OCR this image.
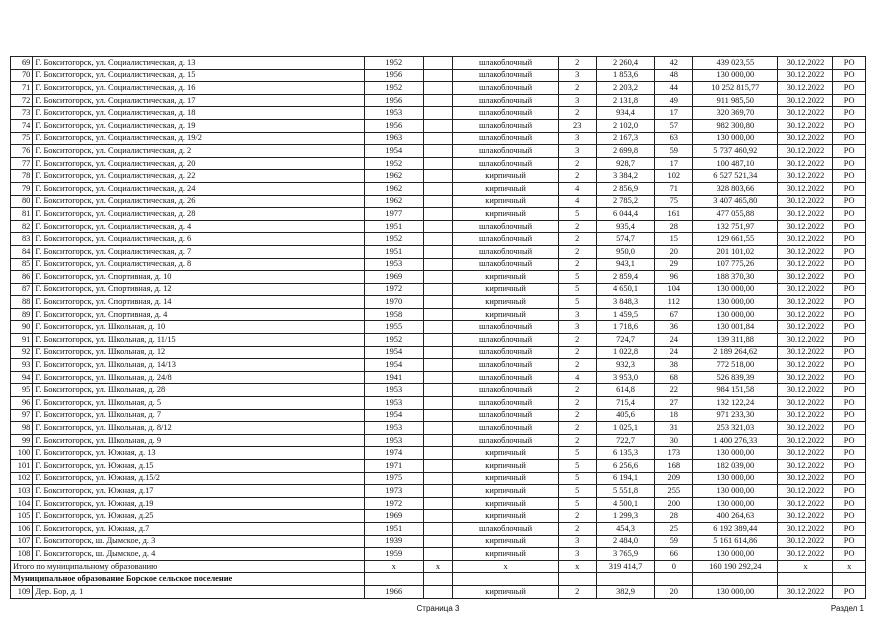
69	Г. Бокситогорск, ул. Социалистическая, д. 13	1952		шлакоблочный	2	2 260,4	42	439 023,55	30.12.2022	РО
70	Г. Бокситогорск, ул. Социалистическая, д. 15	1956		шлакоблочный	3	1 853,6	48	130 000,00	30.12.2022	РО
71	Г. Бокситогорск, ул. Социалистическая, д. 16	1952		шлакоблочный	2	2 203,2	44	10 252 815,77	30.12.2022	РО
72	Г. Бокситогорск, ул. Социалистическая, д. 17	1956		шлакоблочный	3	2 131,8	49	911 985,50	30.12.2022	РО
73	Г. Бокситогорск, ул. Социалистическая, д. 18	1953		шлакоблочный	2	934,4	17	320 369,70	30.12.2022	РО
74	Г. Бокситогорск, ул. Социалистическая, д. 19	1956		шлакоблочный	23	2 102,0	57	982 300,80	30.12.2022	РО
75	Г. Бокситогорск, ул. Социалистическая, д. 19/2	1963		шлакоблочный	3	2 167,3	63	130 000,00	30.12.2022	РО
76	Г. Бокситогорск, ул. Социалистическая, д. 2	1954		шлакоблочный	3	2 699,8	59	5 737 460,92	30.12.2022	РО
77	Г. Бокситогорск, ул. Социалистическая, д. 20	1952		шлакоблочный	2	928,7	17	100 487,10	30.12.2022	РО
78	Г. Бокситогорск, ул. Социалистическая, д. 22	1962		кирпичный	2	3 384,2	102	6 527 521,34	30.12.2022	РО
79	Г. Бокситогорск, ул. Социалистическая, д. 24	1962		кирпичный	4	2 856,9	71	328 803,66	30.12.2022	РО
80	Г. Бокситогорск, ул. Социалистическая, д. 26	1962		кирпичный	4	2 785,2	75	3 407 465,80	30.12.2022	РО
81	Г. Бокситогорск, ул. Социалистическая, д. 28	1977		кирпичный	5	6 044,4	161	477 055,88	30.12.2022	РО
82	Г. Бокситогорск, ул. Социалистическая, д. 4	1951		шлакоблочный	2	935,4	28	132 751,97	30.12.2022	РО
83	Г. Бокситогорск, ул. Социалистическая, д. 6	1952		шлакоблочный	2	574,7	15	129 661,55	30.12.2022	РО
84	Г. Бокситогорск, ул. Социалистическая, д. 7	1951		шлакоблочный	2	950,0	20	201 101,02	30.12.2022	РО
85	Г. Бокситогорск, ул. Социалистическая, д. 8	1953		шлакоблочный	2	943,1	29	107 775,26	30.12.2022	РО
86	Г. Бокситогорск, ул. Спортивная, д. 10	1969		кирпичный	5	2 859,4	96	188 370,30	30.12.2022	РО
87	Г. Бокситогорск, ул. Спортивная, д. 12	1972		кирпичный	5	4 650,1	104	130 000,00	30.12.2022	РО
88	Г. Бокситогорск, ул. Спортивная, д. 14	1970		кирпичный	5	3 848,3	112	130 000,00	30.12.2022	РО
89	Г. Бокситогорск, ул. Спортивная, д. 4	1958		кирпичный	3	1 459,5	67	130 000,00	30.12.2022	РО
90	Г. Бокситогорск, ул. Школьная, д. 10	1955		шлакоблочный	3	1 718,6	36	130 001,84	30.12.2022	РО
91	Г. Бокситогорск, ул. Школьная, д. 11/15	1952		шлакоблочный	2	724,7	24	139 311,88	30.12.2022	РО
92	Г. Бокситогорск, ул. Школьная, д. 12	1954		шлакоблочный	2	1 022,8	24	2 189 264,62	30.12.2022	РО
93	Г. Бокситогорск, ул. Школьная, д. 14/13	1954		шлакоблочный	2	932,3	38	772 518,00	30.12.2022	РО
94	Г. Бокситогорск, ул. Школьная, д. 24/8	1941		шлакоблочный	4	3 953,0	68	526 839,39	30.12.2022	РО
95	Г. Бокситогорск, ул. Школьная, д. 28	1953		шлакоблочный	2	614,8	22	984 151,58	30.12.2022	РО
96	Г. Бокситогорск, ул. Школьная, д. 5	1953		шлакоблочный	2	715,4	27	132 122,24	30.12.2022	РО
97	Г. Бокситогорск, ул. Школьная, д. 7	1954		шлакоблочный	2	405,6	18	971 233,30	30.12.2022	РО
98	Г. Бокситогорск, ул. Школьная, д. 8/12	1953		шлакоблочный	2	1 025,1	31	253 321,03	30.12.2022	РО
99	Г. Бокситогорск, ул. Школьная, д. 9	1953		шлакоблочный	2	722,7	30	1 400 276,33	30.12.2022	РО
100	Г. Бокситогорск, ул. Южная, д. 13	1974		кирпичный	5	6 135,3	173	130 000,00	30.12.2022	РО
101	Г. Бокситогорск, ул. Южная, д.15	1971		кирпичный	5	6 256,6	168	182 039,00	30.12.2022	РО
102	Г. Бокситогорск, ул. Южная, д.15/2	1975		кирпичный	5	6 194,1	209	130 000,00	30.12.2022	РО
103	Г. Бокситогорск, ул. Южная, д.17	1973		кирпичный	5	5 551,8	255	130 000,00	30.12.2022	РО
104	Г. Бокситогорск, ул. Южная, д.19	1972		кирпичный	5	4 500,1	200	130 000,00	30.12.2022	РО
105	Г. Бокситогорск, ул. Южная, д.25	1969		кирпичный	2	1 299,3	28	400 264,63	30.12.2022	РО
106	Г. Бокситогорск, ул. Южная, д.7	1951		шлакоблочный	2	454,3	25	6 192 389,44	30.12.2022	РО
107	Г. Бокситогорск, ш. Дымское, д. 3	1939		кирпичный	3	2 484,0	59	5 161 614,86	30.12.2022	РО
108	Г. Бокситогорск, ш. Дымское, д. 4	1959		кирпичный	3	3 765,9	66	130 000,00	30.12.2022	РО
Итого по муниципальному образованию		x	x	x	x	319 414,7	0	160 190 292,24	x	x
Муниципальное образование Борское сельское поселение										
109	Дер. Бор, д. 1	1966		кирпичный	2	382,9	20	130 000,00	30.12.2022	РО
Страница 3	Раздел 1
